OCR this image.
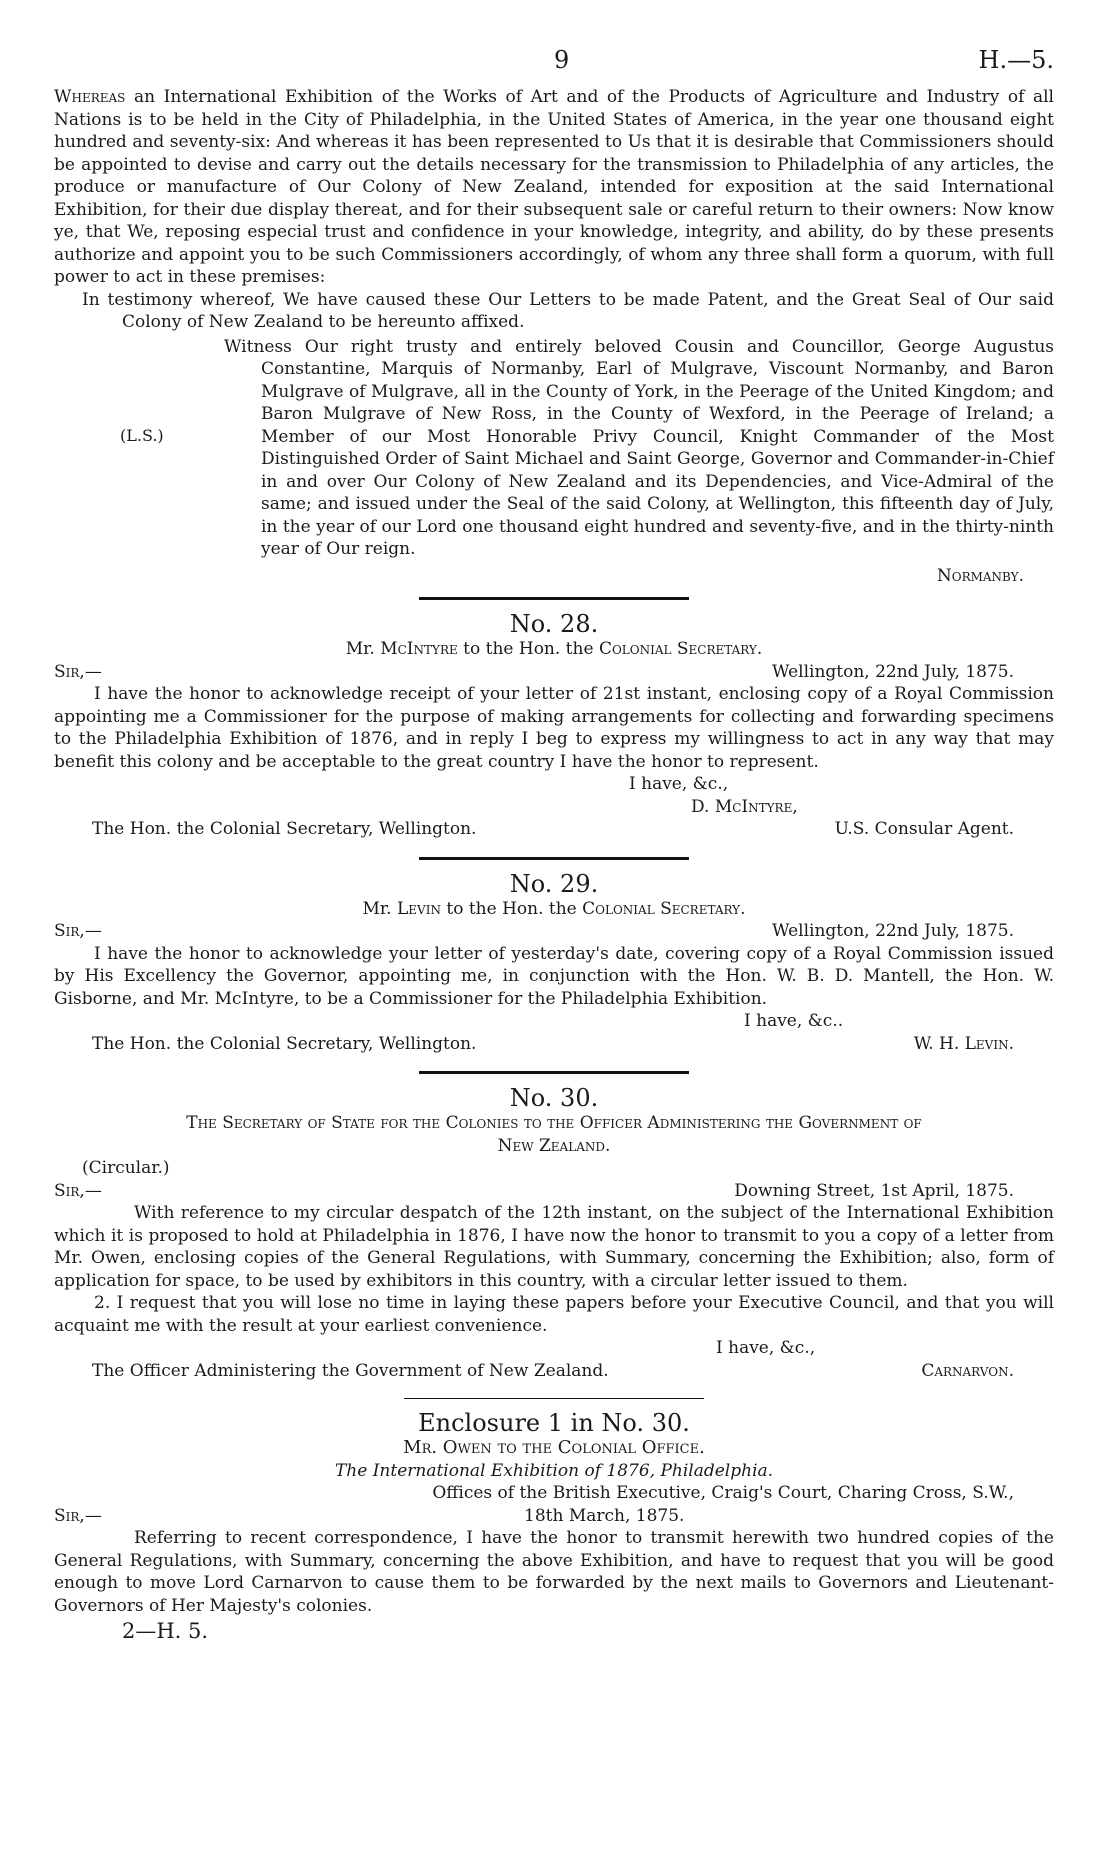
9	H.—5.

Whereas an International Exhibition of the Works of Art and of the Products of Agriculture and Industry of all Nations is to be held in the City of Philadelphia, in the United States of America, in the year one thousand eight hundred and seventy-six: And whereas it has been represented to Us that it is desirable that Commissioners should be appointed to devise and carry out the details necessary for the transmission to Philadelphia of any articles, the produce or manufacture of Our Colony of New Zealand, intended for exposition at the said International Exhibition, for their due display thereat, and for their subsequent sale or careful return to their owners: Now know ye, that We, reposing especial trust and confidence in your knowledge, integrity, and ability, do by these presents authorize and appoint you to be such Commissioners accordingly, of whom any three shall form a quorum, with full power to act in these premises:

In testimony whereof, We have caused these Our Letters to be made Patent, and the Great Seal of Our said Colony of New Zealand to be hereunto affixed.

(L.S.)

Witness Our right trusty and entirely beloved Cousin and Councillor, George Augustus Constantine, Marquis of Normanby, Earl of Mulgrave, Viscount Normanby, and Baron Mulgrave of Mulgrave, all in the County of York, in the Peerage of the United Kingdom; and Baron Mulgrave of New Ross, in the County of Wexford, in the Peerage of Ireland; a Member of our Most Honorable Privy Council, Knight Commander of the Most Distinguished Order of Saint Michael and Saint George, Governor and Commander-in-Chief in and over Our Colony of New Zealand and its Dependencies, and Vice-Admiral of the same; and issued under the Seal of the said Colony, at Wellington, this fifteenth day of July, in the year of our Lord one thousand eight hundred and seventy-five, and in the thirty-ninth year of Our reign.

Normanby.

No. 28.

Mr. McIntyre to the Hon. the Colonial Secretary.

Sir,—	Wellington, 22nd July, 1875.

I have the honor to acknowledge receipt of your letter of 21st instant, enclosing copy of a Royal Commission appointing me a Commissioner for the purpose of making arrangements for collecting and forwarding specimens to the Philadelphia Exhibition of 1876, and in reply I beg to express my willingness to act in any way that may benefit this colony and be acceptable to the great country I have the honor to represent.

I have, &c.,
D. McIntyre,
The Hon. the Colonial Secretary, Wellington.	U.S. Consular Agent.
No. 29.

Mr. Levin to the Hon. the Colonial Secretary.

Sir,—	Wellington, 22nd July, 1875.

I have the honor to acknowledge your letter of yesterday's date, covering copy of a Royal Commission issued by His Excellency the Governor, appointing me, in conjunction with the Hon. W. B. D. Mantell, the Hon. W. Gisborne, and Mr. McIntyre, to be a Commissioner for the Philadelphia Exhibition.

I have, &c..
The Hon. the Colonial Secretary, Wellington.	W. H. Levin.
No. 30.

The Secretary of State for the Colonies to the Officer Administering the Government of

New Zealand.

(Circular.)
Sir,—	Downing Street, 1st April, 1875.

With reference to my circular despatch of the 12th instant, on the subject of the International Exhibition which it is proposed to hold at Philadelphia in 1876, I have now the honor to transmit to you a copy of a letter from Mr. Owen, enclosing copies of the General Regulations, with Summary, concerning the Exhibition; also, form of application for space, to be used by exhibitors in this country, with a circular letter issued to them.

2. I request that you will lose no time in laying these papers before your Executive Council, and that you will acquaint me with the result at your earliest convenience.

I have, &c.,
The Officer Administering the Government of New Zealand.	Carnarvon.
Enclosure 1 in No. 30.

Mr. Owen to the Colonial Office.

The International Exhibition of 1876, Philadelphia.

Offices of the British Executive, Craig's Court, Charing Cross, S.W.,

Sir,—	18th March, 1875.

Referring to recent correspondence, I have the honor to transmit herewith two hundred copies of the General Regulations, with Summary, concerning the above Exhibition, and have to request that you will be good enough to move Lord Carnarvon to cause them to be forwarded by the next mails to Governors and Lieutenant-Governors of Her Majesty's colonies.

2—H. 5.
